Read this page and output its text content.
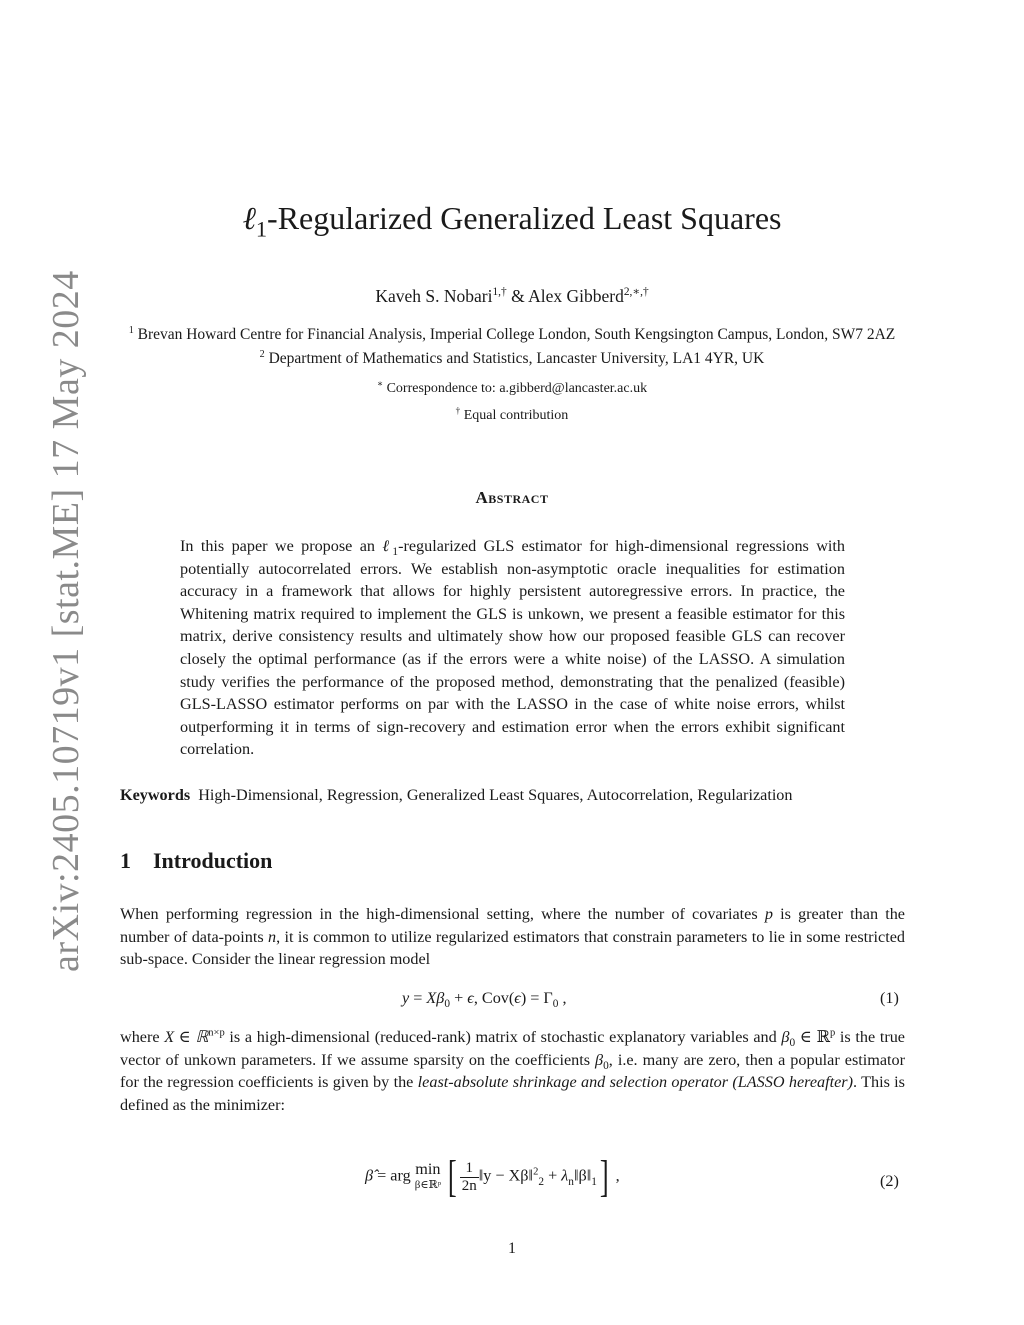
arXiv:2405.10719v1 [stat.ME] 17 May 2024
ℓ$_1$-Regularized Generalized Least Squares
Kaveh S. Nobari$^{1,\dagger}$ & Alex Gibberd$^{2,∗,\dagger}$
$^1$ Brevan Howard Centre for Financial Analysis, Imperial College London, South Kengsington Campus, London, SW7 2AZ
$^2$ Department of Mathematics and Statistics, Lancaster University, LA1 4YR, UK
∗ Correspondence to: a.gibberd@lancaster.ac.uk
† Equal contribution
Abstract
In this paper we propose an ℓ$_1$-regularized GLS estimator for high-dimensional regressions with potentially autocorrelated errors. We establish non-asymptotic oracle inequalities for estimation accuracy in a framework that allows for highly persistent autoregressive errors. In practice, the Whitening matrix required to implement the GLS is unkown, we present a feasible estimator for this matrix, derive consistency results and ultimately show how our proposed feasible GLS can recover closely the optimal performance (as if the errors were a white noise) of the LASSO. A simulation study verifies the performance of the proposed method, demonstrating that the penalized (feasible) GLS-LASSO estimator performs on par with the LASSO in the case of white noise errors, whilst outperforming it in terms of sign-recovery and estimation error when the errors exhibit significant correlation.
Keywords High-Dimensional, Regression, Generalized Least Squares, Autocorrelation, Regularization
1 Introduction
When performing regression in the high-dimensional setting, where the number of covariates p is greater than the number of data-points n, it is common to utilize regularized estimators that constrain parameters to lie in some restricted sub-space. Consider the linear regression model
$y = X\beta_0 + \epsilon$, $Cov(\epsilon) = \Gamma_0$ ,	(1)
where X ∈ ℝ$^{n\times p}$ is a high-dimensional (reduced-rank) matrix of stochastic explanatory variables and $\beta_0$ ∈ ℝ$^p$ is the true vector of unkown parameters. If we assume sparsity on the coefficients $\beta_0$, i.e. many are zero, then a popular estimator for the regression coefficients is given by the least-absolute shrinkage and selection operator (LASSO hereafter). This is defined as the minimizer:
β̂ = arg min
β∈ℝᵖ [ $\frac{1}{2n}$ ‖y − Xβ‖$^2_2$ + $\lambda_n‖\beta‖_1$] ,	(2)
1
